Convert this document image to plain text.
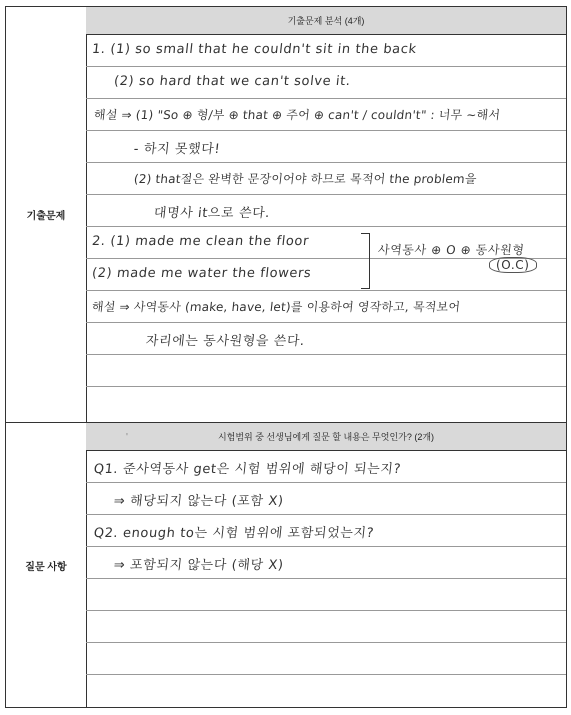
기출문제
기출문제 분석 (4개)
1. (1) so small that he couldn't sit in the back
(2) so hard that we can't solve it.
해설 ⇒ (1) "So ⊕ 형/부 ⊕ that ⊕ 주어 ⊕ can't / couldn't" : 너무 ~해서
- 하지 못했다!
(2) that절은 완벽한 문장이어야 하므로 목적어 the problem을
대명사 it으로 쓴다.
2. (1) made me clean the floor
사역동사 ⊕ O ⊕ 동사원형
(O.C)
(2) made me water the flowers
해설 ⇒ 사역동사 (make, have, let)를 이용하여 영작하고, 목적보어
자리에는 동사원형을 쓴다.
질문 사항
'	시험범위 중 선생님에게 질문 할 내용은 무엇인가? (2개)
Q1. 준사역동사 get은 시험 범위에 해당이 되는지?
⇒ 해당되지 않는다 (포함 X)
Q2. enough to는 시험 범위에 포함되었는지?
⇒ 포함되지 않는다 (해당 X)
